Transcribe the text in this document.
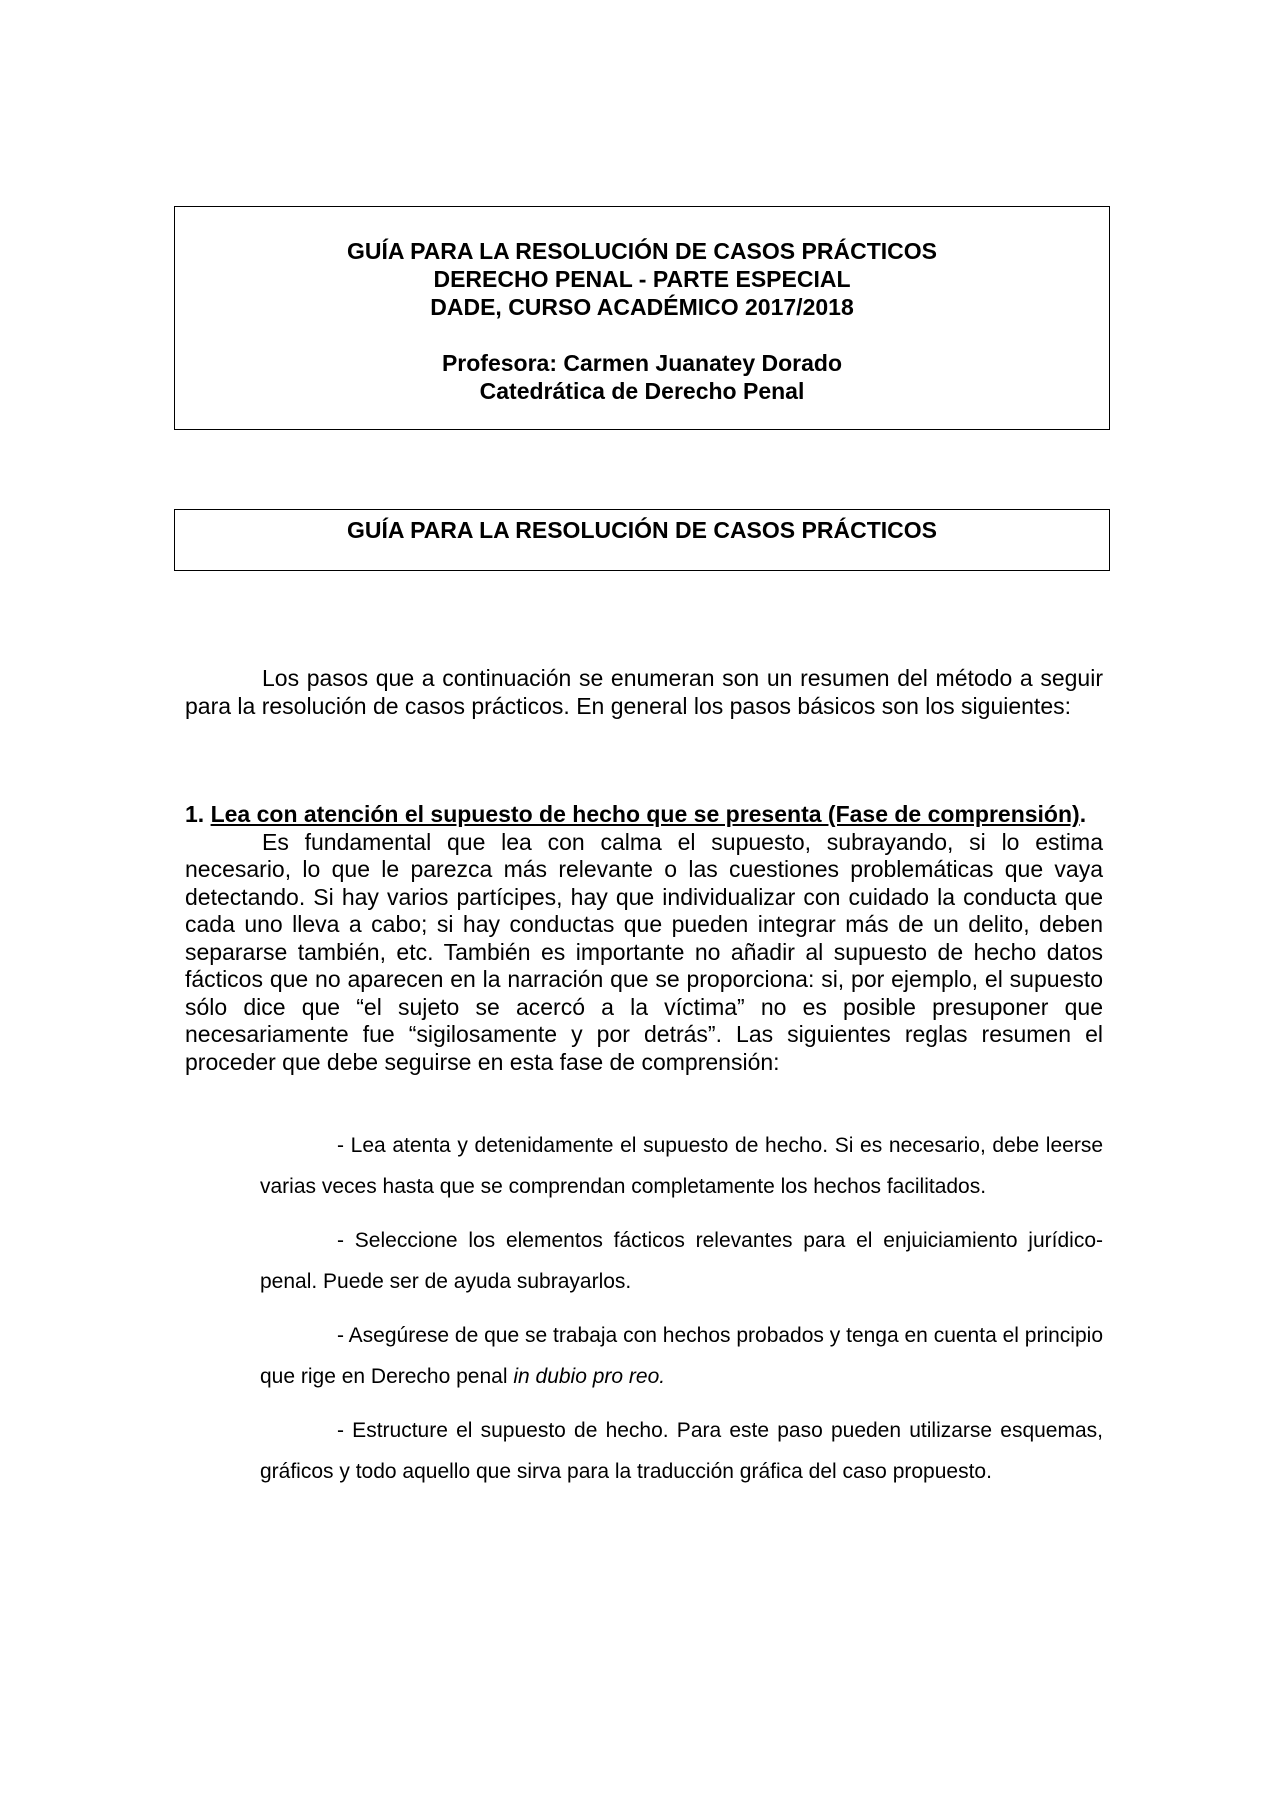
GUÍA PARA LA RESOLUCIÓN DE CASOS PRÁCTICOS
DERECHO PENAL - PARTE ESPECIAL
DADE, CURSO ACADÉMICO 2017/2018
Profesora: Carmen Juanatey Dorado
Catedrática de Derecho Penal
GUÍA PARA LA RESOLUCIÓN DE CASOS PRÁCTICOS
Los pasos que a continuación se enumeran son un resumen del método a seguir para la resolución de casos prácticos. En general los pasos básicos son los siguientes:

1. Lea con atención el supuesto de hecho que se presenta (Fase de comprensión).

Es fundamental que lea con calma el supuesto, subrayando, si lo estima necesario, lo que le parezca más relevante o las cuestiones problemáticas que vaya detectando. Si hay varios partícipes, hay que individualizar con cuidado la conducta que cada uno lleva a cabo; si hay conductas que pueden integrar más de un delito, deben separarse también, etc. También es importante no añadir al supuesto de hecho datos fácticos que no aparecen en la narración que se proporciona: si, por ejemplo, el supuesto sólo dice que “el sujeto se acercó a la víctima” no es posible presuponer que necesariamente fue “sigilosamente y por detrás”. Las siguientes reglas resumen el proceder que debe seguirse en esta fase de comprensión:

- Lea atenta y detenidamente el supuesto de hecho. Si es necesario, debe leerse varias veces hasta que se comprendan completamente los hechos facilitados.

- Seleccione los elementos fácticos relevantes para el enjuiciamiento jurídico-penal. Puede ser de ayuda subrayarlos.

- Asegúrese de que se trabaja con hechos probados y tenga en cuenta el principio que rige en Derecho penal in dubio pro reo.

- Estructure el supuesto de hecho. Para este paso pueden utilizarse esquemas, gráficos y todo aquello que sirva para la traducción gráfica del caso propuesto.
